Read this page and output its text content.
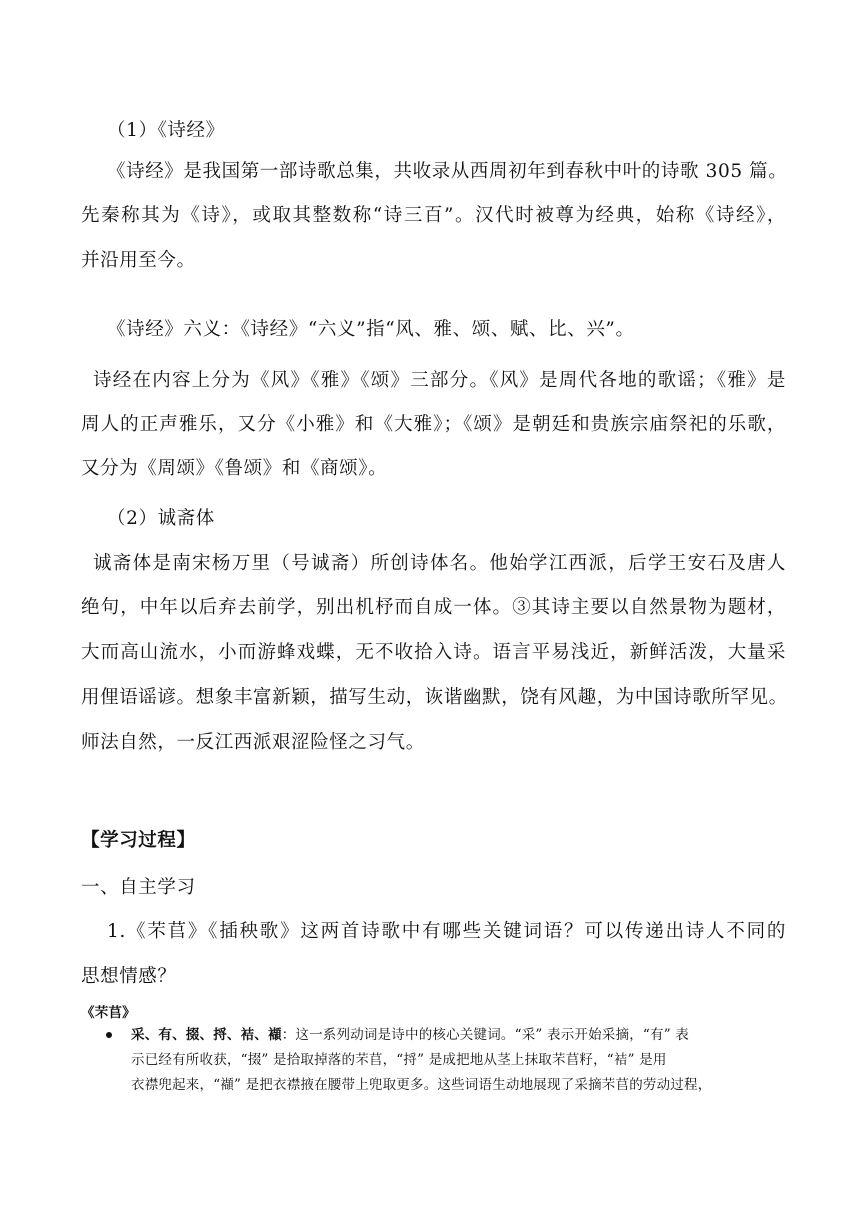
（1）《诗经》
《诗经》是我国第一部诗歌总集，共收录从西周初年到春秋中叶的诗歌 305 篇。
先秦称其为《诗》，或取其整数称“诗三百”。汉代时被尊为经典，始称《诗经》，
并沿用至今。
《诗经》六义：《诗经》“六义”指“风、雅、颂、赋、比、兴”。
诗经在内容上分为《风》《雅》《颂》三部分。《风》是周代各地的歌谣；《雅》是
周人的正声雅乐，又分《小雅》和《大雅》；《颂》是朝廷和贵族宗庙祭祀的乐歌，
又分为《周颂》《鲁颂》和《商颂》。
（2）诚斋体
诚斋体是南宋杨万里（号诚斋）所创诗体名。他始学江西派，后学王安石及唐人
绝句，中年以后弃去前学，别出机杼而自成一体。③其诗主要以自然景物为题材，
大而高山流水，小而游蜂戏蝶，无不收拾入诗。语言平易浅近，新鲜活泼，大量采
用俚语谣谚。想象丰富新颖，描写生动，诙谐幽默，饶有风趣，为中国诗歌所罕见。
师法自然，一反江西派艰涩险怪之习气。
【学习过程】
一、自主学习
1.《芣苢》《插秧歌》这两首诗歌中有哪些关键词语？可以传递出诗人不同的
思想情感？
《芣苢》
采、有、掇、捋、袺、襭：这一系列动词是诗中的核心关键词。“采” 表示开始采摘，“有” 表
示已经有所收获，“掇” 是拾取掉落的芣苢，“捋” 是成把地从茎上抹取芣苢籽，“袺” 是用
衣襟兜起来，“襭” 是把衣襟掖在腰带上兜取更多。这些词语生动地展现了采摘芣苢的劳动过程，
